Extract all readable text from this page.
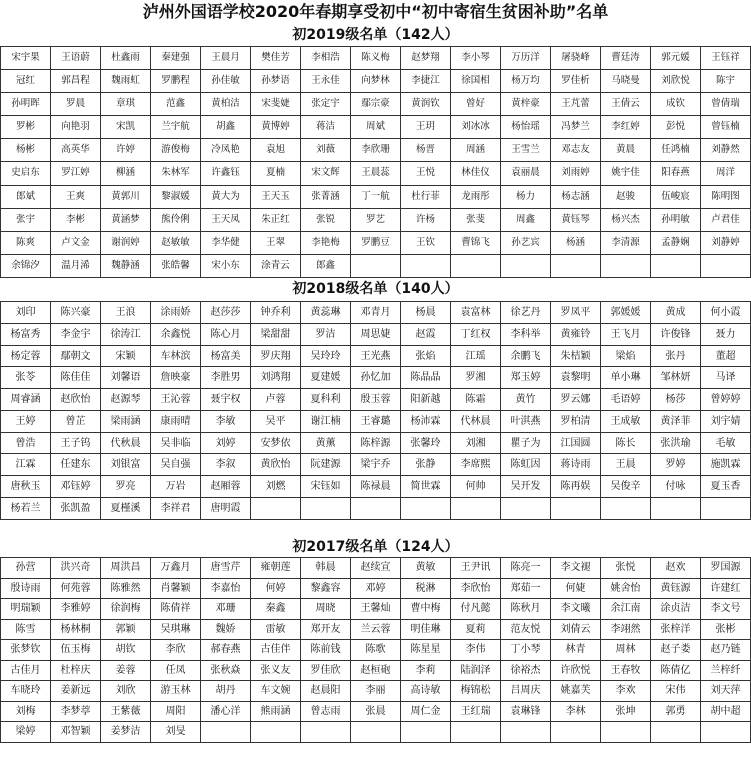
泸州外国语学校2020年春期享受初中“初中寄宿生贫困补助”名单
初2019级名单（142人）
宋宇果	王语蔚	杜鑫雨	秦建强	王晨月	樊佳芳	李相浩	陈义梅	赵梦翔	李小琴	万历洋	屠骁峰	曹廷涛	郭元媛	王钰祥
冠红	郭昌程	魏雨虹	罗鹏程	孙佳敏	孙梦语	王永佳	向梦林	李捷江	徐国相	杨万均	罗佳析	马晓曼	刘欣悦	陈宇
孙明晖	罗晨	章琪	范鑫	黄柏洁	宋斐婕	张定宇	鄢宗豪	黄润钦	曾好	黄梓豪	王芃蕾	王倩云	成钦	曾倩瑞
罗彬	向艳羽	宋凯	兰宇航	胡鑫	黄博婷	蒋洁	周斌	王玥	刘冰冰	杨怡瑶	冯梦兰	李红婷	彭悦	曾钰楠
杨彬	高英华	许婷	游俊梅	冷凤艳	袁旭	刘薇	李欣珊	杨晋	周涵	王雪兰	邓志友	黄晨	任鸿楠	刘静然
史启东	罗江婷	柳涵	朱林军	许鑫钰	夏楠	宋文辉	王晨蕊	王悦	林佳仪	袁丽晨	刘雨婷	姚宇佳	阳春燕	周洋
郎斌	王爽	黄郭川	黎淑媛	黄大为	王天玉	张菁涵	丁一航	杜行菲	龙雨彤	杨力	杨志涵	赵骏	伍峻宸	陈明图
张宇	李彬	黄涵梦	熊伶俐	王天凤	朱正红	张锐	罗艺	许杨	张斐	周鑫	黄钰琴	杨兴杰	孙明敏	卢君佳
陈爽	卢文金	谢润婷	赵敏敏	李华健	王翠	李艳梅	罗鹏豆	王钦	曹锦飞	孙艺宾	杨涵	李清源	孟静娴	刘静婷
余锦汐	温月浠	魏静涵	张皓馨	宋小东	涂青云	郎鑫
初2018级名单（140人）
刘印	陈兴豪	王浪	涂雨娇	赵莎莎	钟乔利	黄蕊琳	邓青月	杨晨	袁富林	徐艺丹	罗凤平	郭媛媛	黄成	何小霞
杨富秀	李金宇	徐涛江	余鑫悦	陈心月	梁甜甜	罗洁	周思婕	赵霞	丁红权	李科举	黄雍铃	王飞月	许俊锋	聂力
杨定蓉	鄢朝文	宋颖	车林滨	杨富美	罗庆翔	吴玲玲	王光燕	张焰	江瑶	余鹏飞	朱桔颖	梁焰	张丹	董超
张苓	陈佳佳	刘馨语	詹映豪	李胜男	刘鸿翔	夏建媛	孙忆加	陈晶晶	罗湘	郑玉婷	袁黎明	单小琳	邹林妍	马译
周睿涵	赵欣怡	赵源琴	王沁蓉	聂宇权	卢蓉	夏科利	殷玉蓉	阳新越	陈霜	黄竹	罗云娜	毛语婷	杨莎	曾婷婷
王婷	曾芷	梁雨涵	康雨晴	李敏	吴平	谢江楠	王睿璐	杨沛霖	代林晨	叶淇燕	罗柏清	王成敏	黄泽菲	刘宇婧
曾浩	王子钨	代秋晨	吴非临	刘婷	安梦依	黄薰	陈梓源	张馨玲	刘湘	瞿子为	江国圆	陈长	张洪瑜	毛敏
江霖	任建东	刘银富	吴自强	李叙	黄欣怡	阮建源	梁宇乔	张静	李席熙	陈虹因	蒋诗雨	王晨	罗婷	施凯霖
唐秋玉	邓钰婷	罗亮	万岩	赵厢蓉	刘燃	宋钰如	陈禄晨	简世霖	何帅	吴开发	陈再娱	吴俊辛	付咏	夏玉香
杨若兰	张凯盈	夏槿溪	李祥君	唐明霞
初2017级名单（124人）
孙营	洪兴奇	周洪昌	万鑫月	唐雪芹	雍朝莲	韩晨	赵续宣	黄敏	王尹讯	陈亮一	李文褪	张悦	赵欢	罗国源
殷诗雨	何苑蓉	陈雅然	肖馨颖	李嘉怡	何婷	黎鑫容	邓婷	税淋	李欣怡	郑茹一	何婕	姚舍怡	黄钰源	许建红
明瑞颖	李雅婷	徐润梅	陈倩祥	邓珊	秦鑫	周晓	王馨灿	曹中梅	付凡懿	陈秋月	李文曦	余江南	涂贞洁	李文号
陈雪	杨林桐	郭颖	吴琪琳	魏娇	雷敏	郑开友	兰云蓉	明佳琳	夏莉	范友悦	刘倩云	李翊然	张梓洋	张彬
张梦钦	伍玉梅	胡钦	李欣	郝春燕	古佳伴	陈前钱	陈歌	陈星星	李伟	丁小琴	林青	周林	赵子娄	赵乃链
古佳月	杜梓庆	姜蓉	任凤	张秋焱	张义友	罗佳欣	赵桓砲	李莉	陆润泽	徐裕杰	许欣悦	王春牧	陈倩亿	兰梓纤
车晓玲	姜新远	刘欣	游玉林	胡丹	车文婉	赵晨阳	李丽	高诗敏	梅锦松	吕周庆	姚嘉芙	李欢	宋伟	刘天萍
刘梅	李梦葶	王紫薇	周阳	潘心洋	熊雨涵	曾志雨	张晨	周仁金	王红瑞	袁琳锋	李林	张坤	郭勇	胡中超
梁婷	邓智颖	姜梦洁	刘旻
